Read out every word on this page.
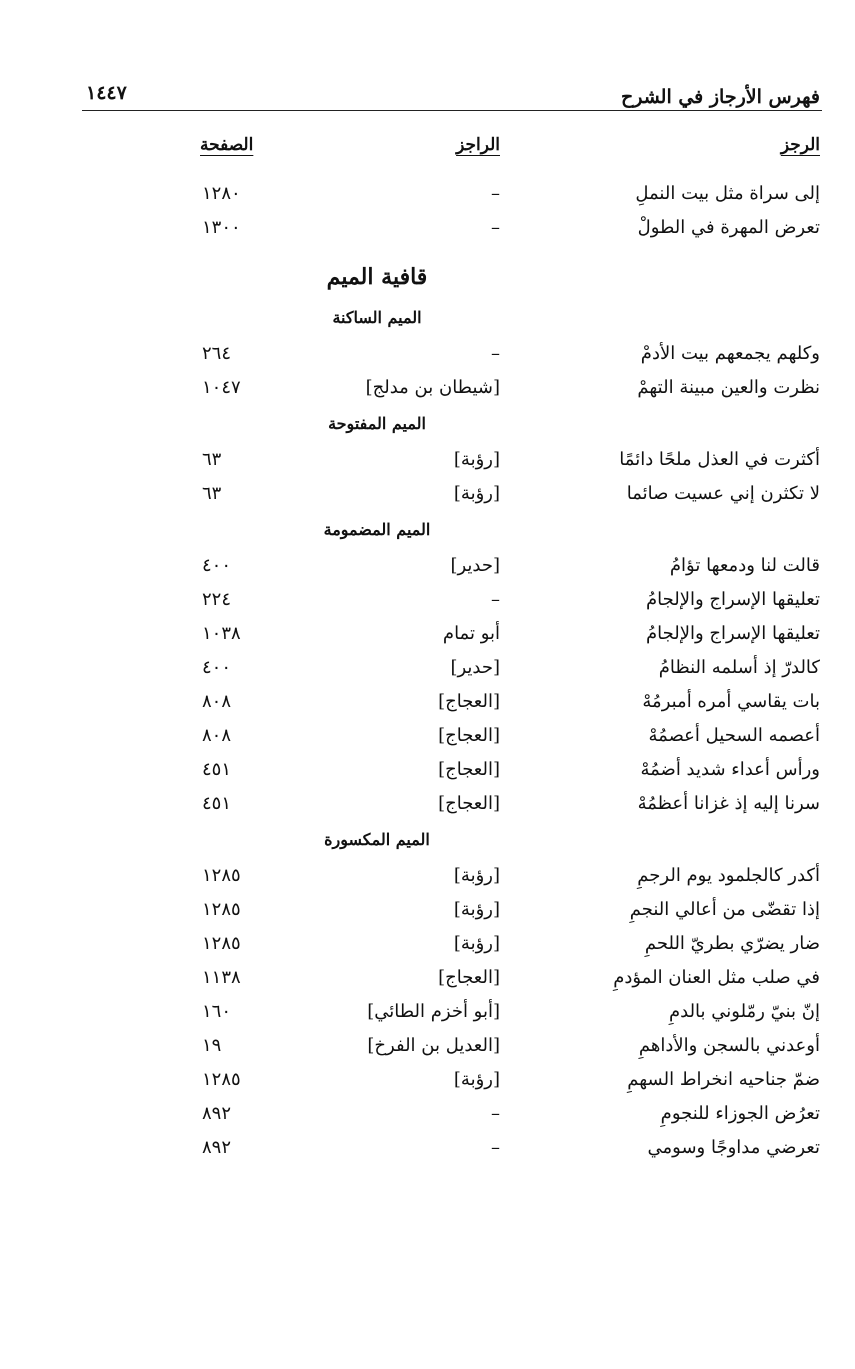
فهرس الأرجاز في الشرح
١٤٤٧
الرجز
الراجز
الصفحة
إلى سراة مثل بيت النملِ
–
١٢٨٠
تعرض المهرة في الطولْ
–
١٣٠٠
قافية الميم
الميم الساكنة
وكلهم يجمعهم بيت الأدمْ
–
٢٦٤
نظرت والعين مبينة التهمْ
[شيطان بن مدلج]
١٠٤٧
الميم المفتوحة
أكثرت في العذل ملحًا دائمًا
[رؤبة]
٦٣
لا تكثرن إني عسيت صائما
[رؤبة]
٦٣
الميم المضمومة
قالت لنا ودمعها تؤامُ
[حدير]
٤٠٠
تعليقها الإسراج والإلجامُ
–
٢٢٤
تعليقها الإسراج والإلجامُ
أبو تمام
١٠٣٨
كالدرّ إذ أسلمه النظامُ
[حدير]
٤٠٠
بات يقاسي أمره أمبرمُهْ
[العجاج]
٨٠٨
أعصمه السحيل أعصمُهْ
[العجاج]
٨٠٨
ورأس أعداء شديد أضمُهْ
[العجاج]
٤٥١
سرنا إليه إذ غزانا أعظمُهْ
[العجاج]
٤٥١
الميم المكسورة
أكدر كالجلمود يوم الرجمِ
[رؤبة]
١٢٨٥
إذا تقضّى من أعالي النجمِ
[رؤبة]
١٢٨٥
ضار يضرّي بطريّ اللحمِ
[رؤبة]
١٢٨٥
في صلب مثل العنان المؤدمِ
[العجاج]
١١٣٨
إنّ بنيّ رمّلوني بالدمِ
[أبو أخزم الطائي]
١٦٠
أوعدني بالسجن والأداهمِ
[العديل بن الفرخ]
١٩
ضمّ جناحيه انخراط السهمِ
[رؤبة]
١٢٨٥
تعرُض الجوزاء للنجومِ
–
٨٩٢
تعرضي مداوجًا وسومي
–
٨٩٢
